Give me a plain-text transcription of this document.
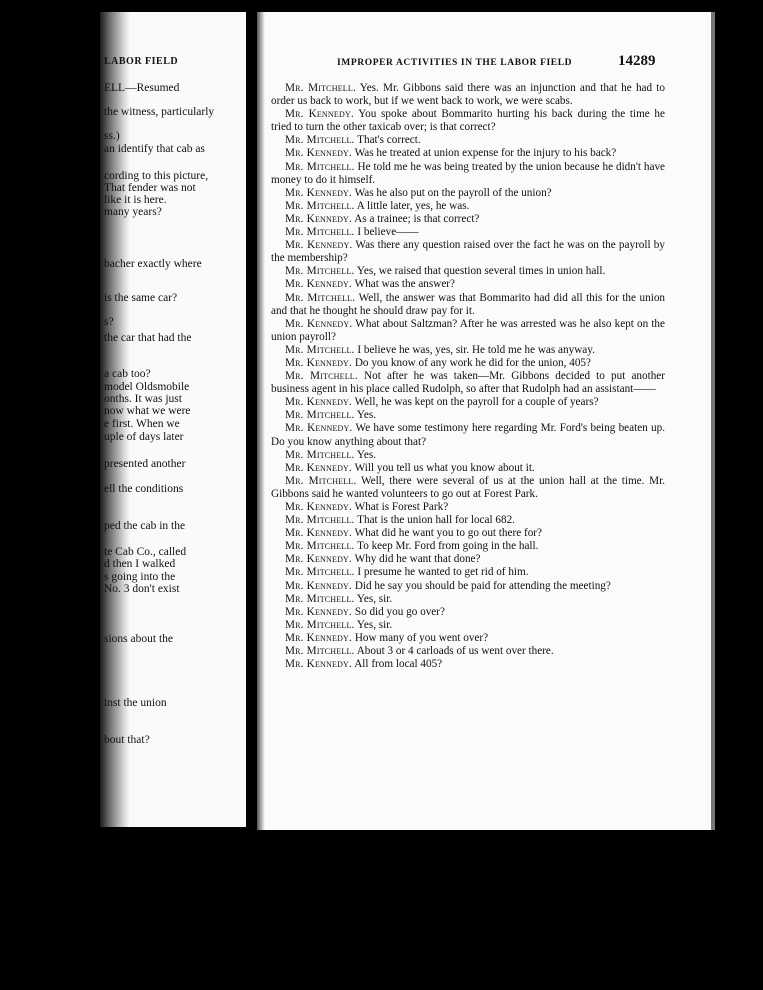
LABOR FIELD
ELL—Resumed
the witness, particularly
ss.)
an identify that cab as
cording to this picture,
That fender was not
like it is here.
many years?
bacher exactly where
is the same car?
s?
the car that had the
a cab too?
model Oldsmobile
onths. It was just
now what we were
e first. When we
uple of days later
presented another
ell the conditions
ped the cab in the
te Cab Co., called
d then I walked
s going into the
No. 3 don't exist
sions about the
inst the union
bout that?
IMPROPER ACTIVITIES IN THE LABOR FIELD	14289

Mr. Mitchell. Yes. Mr. Gibbons said there was an injunction and that he had to order us back to work, but if we went back to work, we were scabs.

Mr. Kennedy. You spoke about Bommarito hurting his back during the time he tried to turn the other taxicab over; is that correct?

Mr. Mitchell. That's correct.

Mr. Kennedy. Was he treated at union expense for the injury to his back?

Mr. Mitchell. He told me he was being treated by the union because he didn't have money to do it himself.

Mr. Kennedy. Was he also put on the payroll of the union?

Mr. Mitchell. A little later, yes, he was.

Mr. Kennedy. As a trainee; is that correct?

Mr. Mitchell. I believe——

Mr. Kennedy. Was there any question raised over the fact he was on the payroll by the membership?

Mr. Mitchell. Yes, we raised that question several times in union hall.

Mr. Kennedy. What was the answer?

Mr. Mitchell. Well, the answer was that Bommarito had did all this for the union and that he thought he should draw pay for it.

Mr. Kennedy. What about Saltzman? After he was arrested was he also kept on the union payroll?

Mr. Mitchell. I believe he was, yes, sir. He told me he was anyway.

Mr. Kennedy. Do you know of any work he did for the union, 405?

Mr. Mitchell. Not after he was taken—Mr. Gibbons decided to put another business agent in his place called Rudolph, so after that Rudolph had an assistant——

Mr. Kennedy. Well, he was kept on the payroll for a couple of years?

Mr. Mitchell. Yes.

Mr. Kennedy. We have some testimony here regarding Mr. Ford's being beaten up. Do you know anything about that?

Mr. Mitchell. Yes.

Mr. Kennedy. Will you tell us what you know about it.

Mr. Mitchell. Well, there were several of us at the union hall at the time. Mr. Gibbons said he wanted volunteers to go out at Forest Park.

Mr. Kennedy. What is Forest Park?

Mr. Mitchell. That is the union hall for local 682.

Mr. Kennedy. What did he want you to go out there for?

Mr. Mitchell. To keep Mr. Ford from going in the hall.

Mr. Kennedy. Why did he want that done?

Mr. Mitchell. I presume he wanted to get rid of him.

Mr. Kennedy. Did he say you should be paid for attending the meeting?

Mr. Mitchell. Yes, sir.

Mr. Kennedy. So did you go over?

Mr. Mitchell. Yes, sir.

Mr. Kennedy. How many of you went over?

Mr. Mitchell. About 3 or 4 carloads of us went over there.

Mr. Kennedy. All from local 405?
